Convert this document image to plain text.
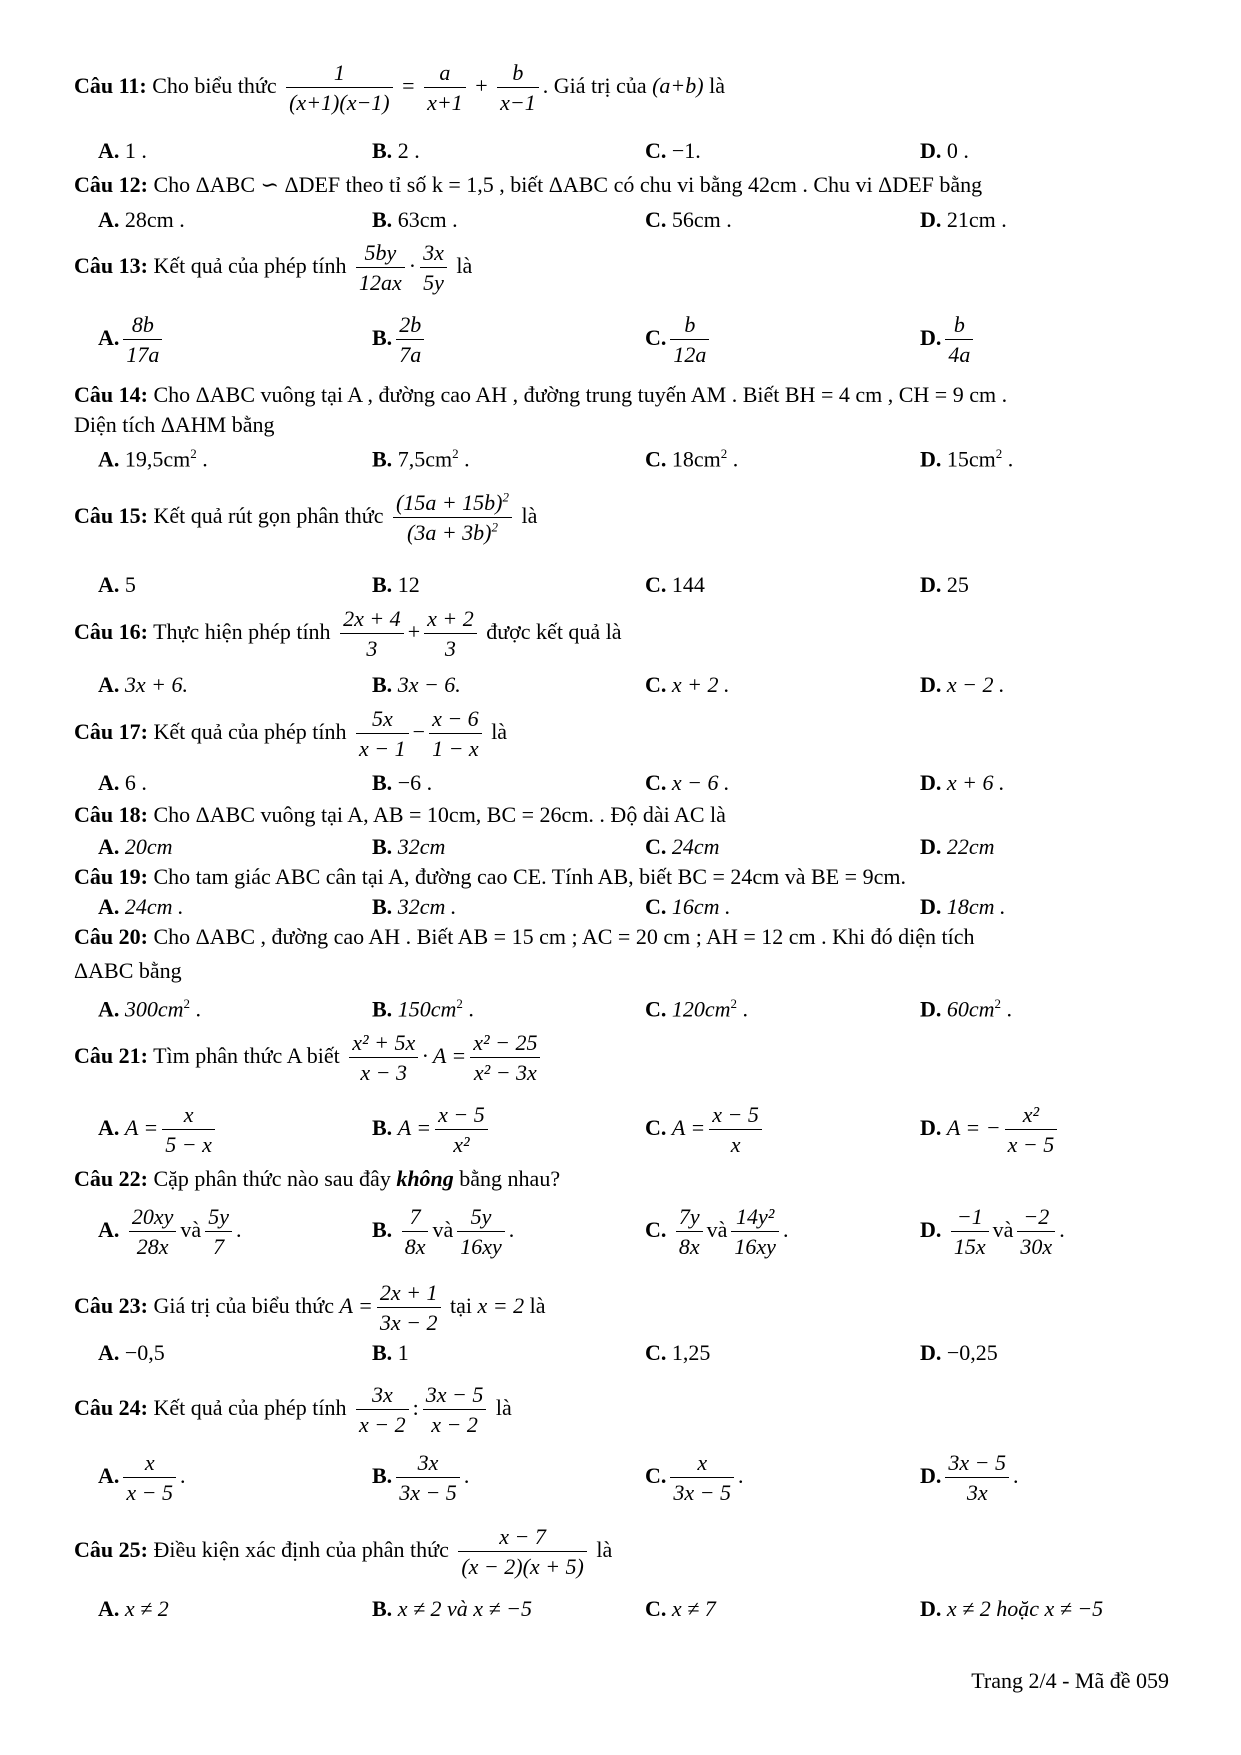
Câu 11: Cho biểu thức $\frac{1}{(x+1)(x-1)} = \frac{a}{x+1} + \frac{b}{x-1}$ . Giá trị của (a+b) là
A. 1 .	B. 2 .	C. −1.	D. 0 .
Câu 12: Cho ΔABC ∽ ΔDEF theo tỉ số k = 1,5 , biết ΔABC có chu vi bằng 42cm . Chu vi ΔDEF bằng
A. 28cm .	B. 63cm .	C. 56cm .	D. 21cm .
Câu 13: Kết quả của phép tính $\frac{5by}{12ax} \cdot \frac{3x}{5y}$ là
A. $\frac{8b}{17a}$	B. $\frac{2b}{7a}$	C. $\frac{b}{12a}$	D. $\frac{b}{4a}$
Câu 14: Cho ΔABC vuông tại A , đường cao AH , đường trung tuyến AM . Biết BH = 4 cm , CH = 9 cm .
Diện tích ΔAHM bằng
A. $19,5cm^2$ .	B. $7,5cm^2$ .	C. $18cm^2$ .	D. $15cm^2$ .
Câu 15: Kết quả rút gọn phân thức $\frac{(15a + 15b)^2}{(3a + 3b)^2}$ là
A. 5	B. 12	C. 144	D. 25
Câu 16: Thực hiện phép tính $\frac{2x + 4}{3} + \frac{x + 2}{3}$ được kết quả là
A. 3x + 6.	B. 3x − 6.	C. x + 2 .	D. x − 2 .
Câu 17: Kết quả của phép tính $\frac{5x}{x - 1} - \frac{x - 6}{1 - x}$ là
A. 6 .	B. −6 .	C. x − 6 .	D. x + 6 .
Câu 18: Cho ΔABC vuông tại A, AB = 10cm, BC = 26cm. . Độ dài AC là
A. 20cm	B. 32cm	C. 24cm	D. 22cm
Câu 19: Cho tam giác ABC cân tại A, đường cao CE. Tính AB, biết BC = 24cm và BE = 9cm.
A. 24cm .	B. 32cm .	C. 16cm .	D. 18cm .
Câu 20: Cho ΔABC , đường cao AH . Biết AB = 15 cm ; AC = 20 cm ; AH = 12 cm . Khi đó diện tích
ΔABC bằng
A. $300cm^2$ .	B. $150cm^2$ .	C. $120cm^2$ .	D. $60cm^2$ .
Câu 21: Tìm phân thức A biết $\frac{\text{x² + 5x}}{x - 3} \cdot A = \frac{\text{x² − 25}}{\text{x² − 3x}}$
A. $A = \frac{x}{5 - x}$	B. $A = \frac{x - 5}{\text{x²}}$	C. $A = \frac{x - 5}{x}$	D. A = − $\frac{\text{x²}}{x - 5}$
Câu 22: Cặp phân thức nào sau đây không bằng nhau?
A. $\frac{20xy}{28x}$ và $\frac{5y}{7}$ .	B. $\frac{7}{8x}$ và $\frac{5y}{16xy}$ .	C. $\frac{7y}{8x}$ và $\frac{\text{14y²}}{16xy}$ .	D. $\frac{-1}{15x}$ và $\frac{-2}{30x}$ .
Câu 23: Giá trị của biểu thức $A = \frac{2x + 1}{3x - 2}$ tại x = 2 là
A. −0,5	B. 1	C. 1,25	D. −0,25
Câu 24: Kết quả của phép tính $\frac{3x}{x - 2}$ : $\frac{3x - 5}{x - 2}$ là
A. $\frac{x}{x - 5}$ .	B. $\frac{3x}{3x - 5}$ .	C. $\frac{x}{3x - 5}$ .	D. $\frac{3x - 5}{3x}$ .
Câu 25: Điều kiện xác định của phân thức $\frac{x - 7}{(x - 2)(x + 5)}$ là
A. x ≠ 2	B. x ≠ 2 và x ≠ −5	C. x ≠ 7	D. x ≠ 2 hoặc x ≠ −5
Trang 2/4 - Mã đề 059
